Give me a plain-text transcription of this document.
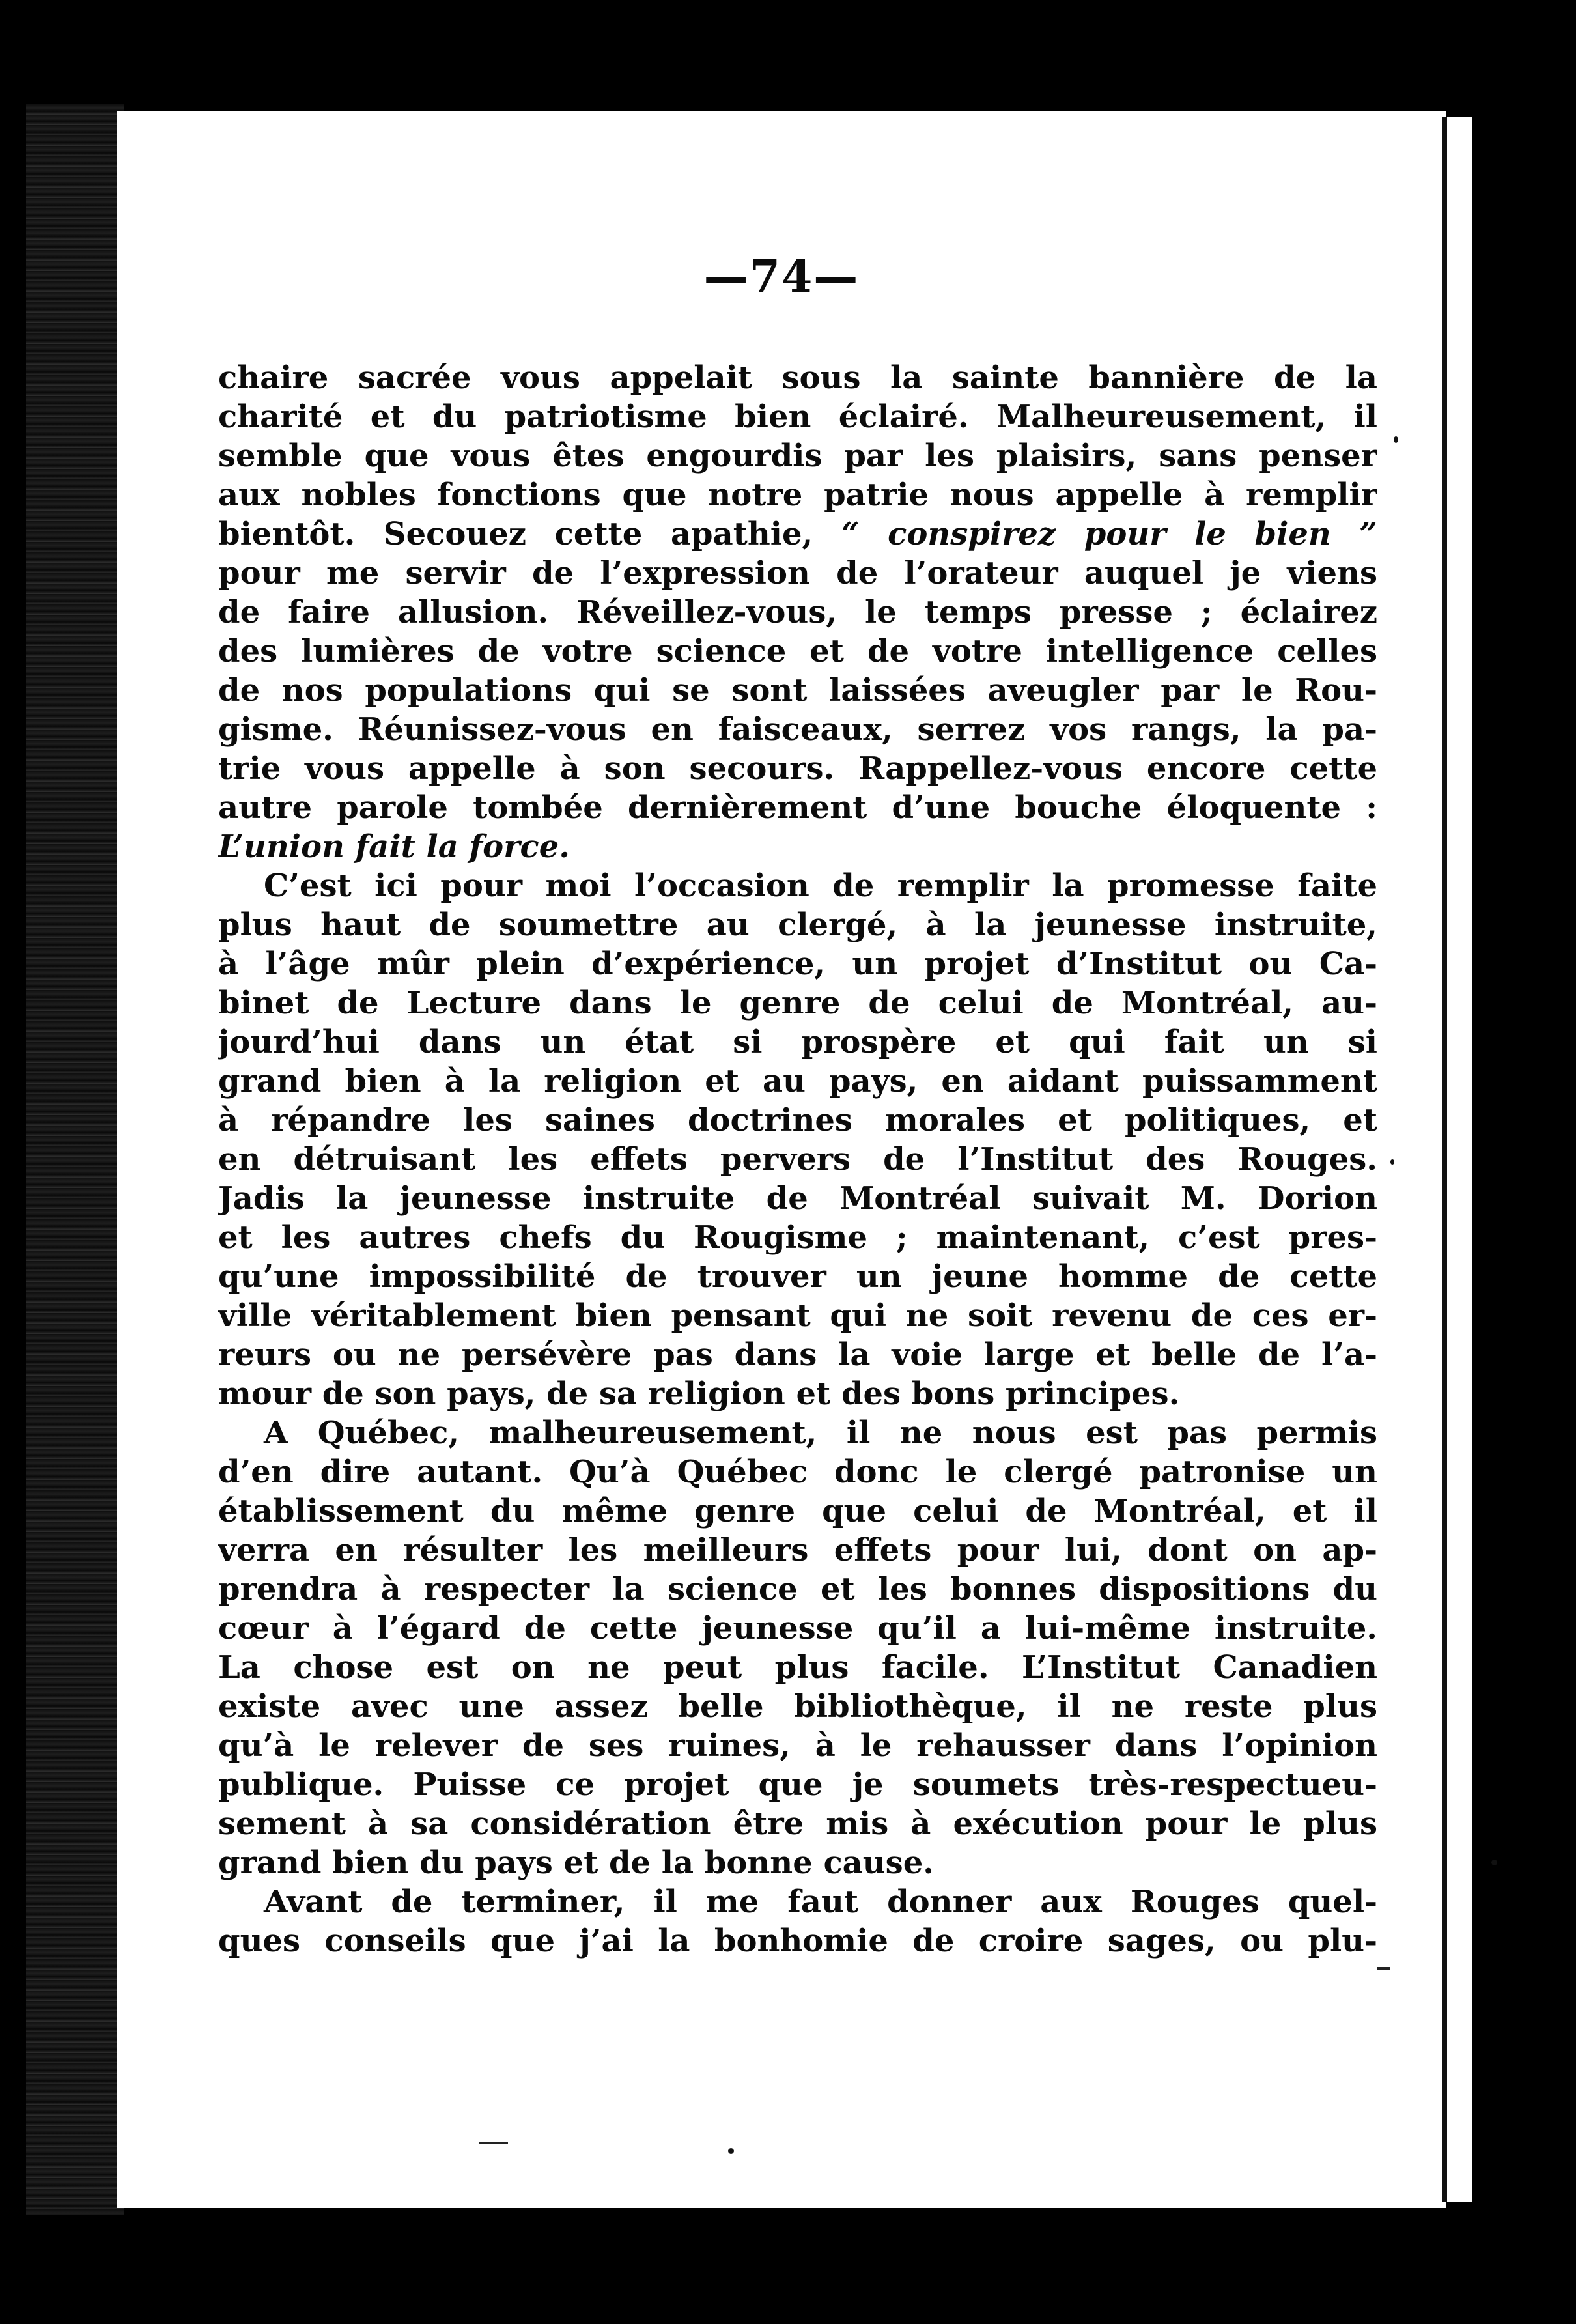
—74—
chaire sacrée vous appelait sous la sainte bannière de la
charité et du patriotisme bien éclairé. Malheureusement, il
semble que vous êtes engourdis par les plaisirs, sans penser
aux nobles fonctions que notre patrie nous appelle à remplir
bientôt. Secouez cette apathie, “ conspirez pour le bien ”
pour me servir de l’expression de l’orateur auquel je viens
de faire allusion. Réveillez-vous, le temps presse ; éclairez
des lumières de votre science et de votre intelligence celles
de nos populations qui se sont laissées aveugler par le Rou-
gisme. Réunissez-vous en faisceaux, serrez vos rangs, la pa-
trie vous appelle à son secours. Rappellez-vous encore cette
autre parole tombée dernièrement d’une bouche éloquente :
L’union fait la force.
C’est ici pour moi l’occasion de remplir la promesse faite
plus haut de soumettre au clergé, à la jeunesse instruite,
à l’âge mûr plein d’expérience, un projet d’Institut ou Ca-
binet de Lecture dans le genre de celui de Montréal, au-
jourd’hui dans un état si prospère et qui fait un si
grand bien à la religion et au pays, en aidant puissamment
à répandre les saines doctrines morales et politiques, et
en détruisant les effets pervers de l’Institut des Rouges.
Jadis la jeunesse instruite de Montréal suivait M. Dorion
et les autres chefs du Rougisme ; maintenant, c’est pres-
qu’une impossibilité de trouver un jeune homme de cette
ville véritablement bien pensant qui ne soit revenu de ces er-
reurs ou ne persévère pas dans la voie large et belle de l’a-
mour de son pays, de sa religion et des bons principes.
A Québec, malheureusement, il ne nous est pas permis
d’en dire autant. Qu’à Québec donc le clergé patronise un
établissement du même genre que celui de Montréal, et il
verra en résulter les meilleurs effets pour lui, dont on ap-
prendra à respecter la science et les bonnes dispositions du
cœur à l’égard de cette jeunesse qu’il a lui-même instruite.
La chose est on ne peut plus facile. L’Institut Canadien
existe avec une assez belle bibliothèque, il ne reste plus
qu’à le relever de ses ruines, à le rehausser dans l’opinion
publique. Puisse ce projet que je soumets très-respectueu-
sement à sa considération être mis à exécution pour le plus
grand bien du pays et de la bonne cause.
Avant de terminer, il me faut donner aux Rouges quel-
ques conseils que j’ai la bonhomie de croire sages, ou plu-
